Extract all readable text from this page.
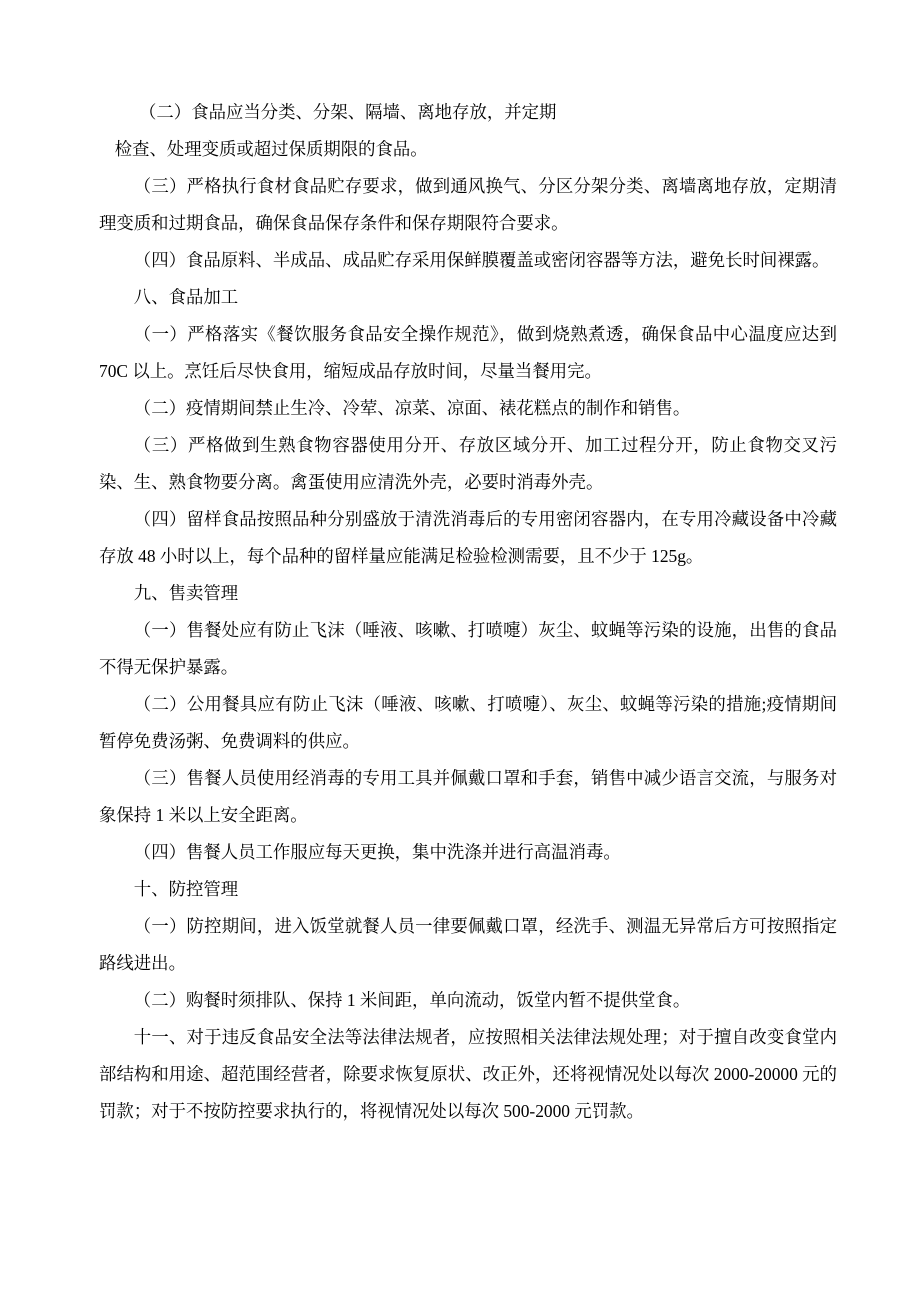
（二）食品应当分类、分架、隔墙、离地存放，并定期

检查、处理变质或超过保质期限的食品。

（三）严格执行食材食品贮存要求，做到通风换气、分区分架分类、离墙离地存放，定期清理变质和过期食品，确保食品保存条件和保存期限符合要求。

（四）食品原料、半成品、成品贮存采用保鲜膜覆盖或密闭容器等方法，避免长时间裸露。

八、食品加工

（一）严格落实《餐饮服务食品安全操作规范》，做到烧熟煮透，确保食品中心温度应达到 70C 以上。烹饪后尽快食用，缩短成品存放时间，尽量当餐用完。

（二）疫情期间禁止生冷、冷荤、凉菜、凉面、裱花糕点的制作和销售。

（三）严格做到生熟食物容器使用分开、存放区域分开、加工过程分开，防止食物交叉污染、生、熟食物要分离。禽蛋使用应清洗外壳，必要时消毒外壳。

（四）留样食品按照品种分别盛放于清洗消毒后的专用密闭容器内，在专用冷藏设备中冷藏存放 48 小时以上，每个品种的留样量应能满足检验检测需要，且不少于 125g。

九、售卖管理

（一）售餐处应有防止飞沫（唾液、咳嗽、打喷嚏）灰尘、蚊蝇等污染的设施，出售的食品不得无保护暴露。

（二）公用餐具应有防止飞沫（唾液、咳嗽、打喷嚏）、灰尘、蚊蝇等污染的措施;疫情期间暂停免费汤粥、免费调料的供应。

（三）售餐人员使用经消毒的专用工具并佩戴口罩和手套，销售中减少语言交流，与服务对象保持 1 米以上安全距离。

（四）售餐人员工作服应每天更换，集中洗涤并进行高温消毒。

十、防控管理

（一）防控期间，进入饭堂就餐人员一律要佩戴口罩，经洗手、测温无异常后方可按照指定路线进出。

（二）购餐时须排队、保持 1 米间距，单向流动，饭堂内暂不提供堂食。

十一、对于违反食品安全法等法律法规者，应按照相关法律法规处理；对于擅自改变食堂内部结构和用途、超范围经营者，除要求恢复原状、改正外，还将视情况处以每次 2000-20000 元的罚款；对于不按防控要求执行的，将视情况处以每次 500-2000 元罚款。
